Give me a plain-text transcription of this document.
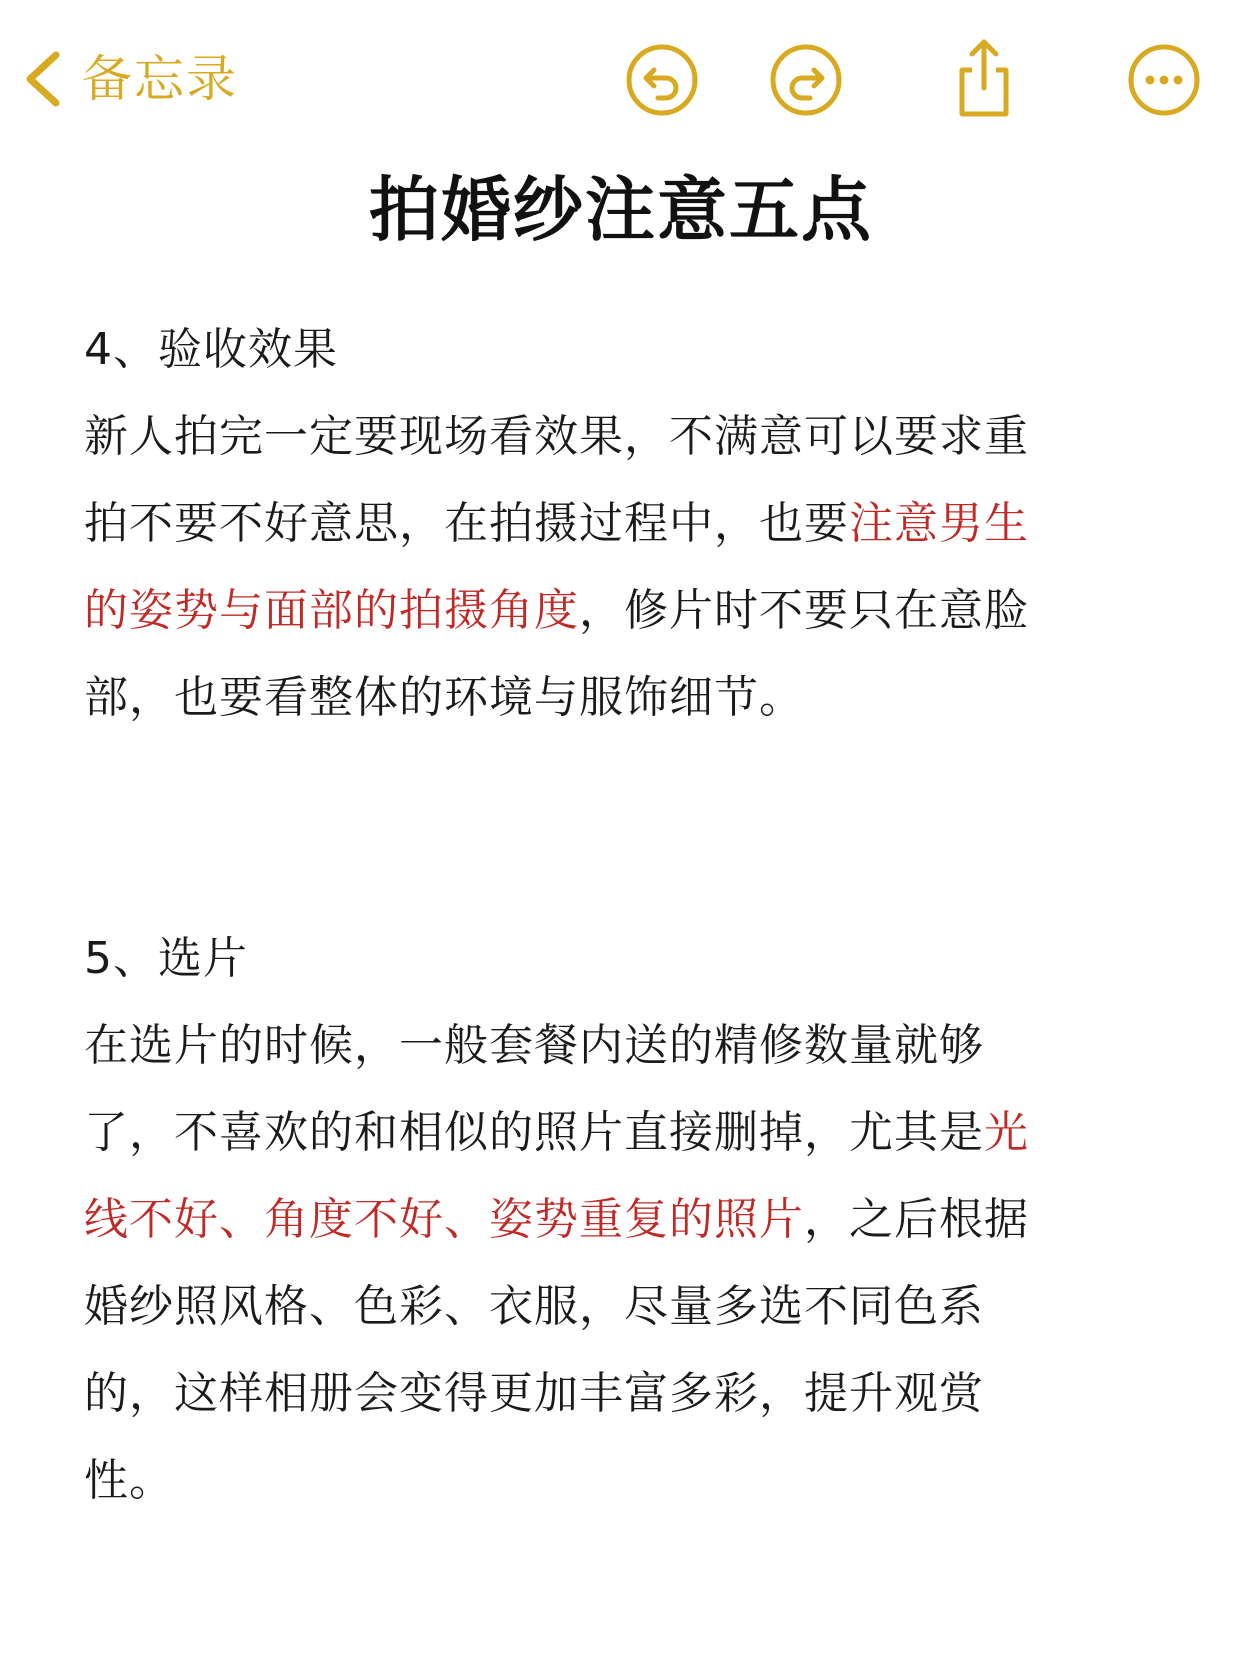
备忘录
拍婚纱注意五点
4、验收效果
新人拍完一定要现场看效果，不满意可以要求重
拍不要不好意思，在拍摄过程中，也要注意男生
的姿势与面部的拍摄角度，修片时不要只在意脸
部，也要看整体的环境与服饰细节。
5、选片
在选片的时候，一般套餐内送的精修数量就够
了，不喜欢的和相似的照片直接删掉，尤其是光
线不好、角度不好、姿势重复的照片，之后根据
婚纱照风格、色彩、衣服，尽量多选不同色系
的，这样相册会变得更加丰富多彩，提升观赏
性。
